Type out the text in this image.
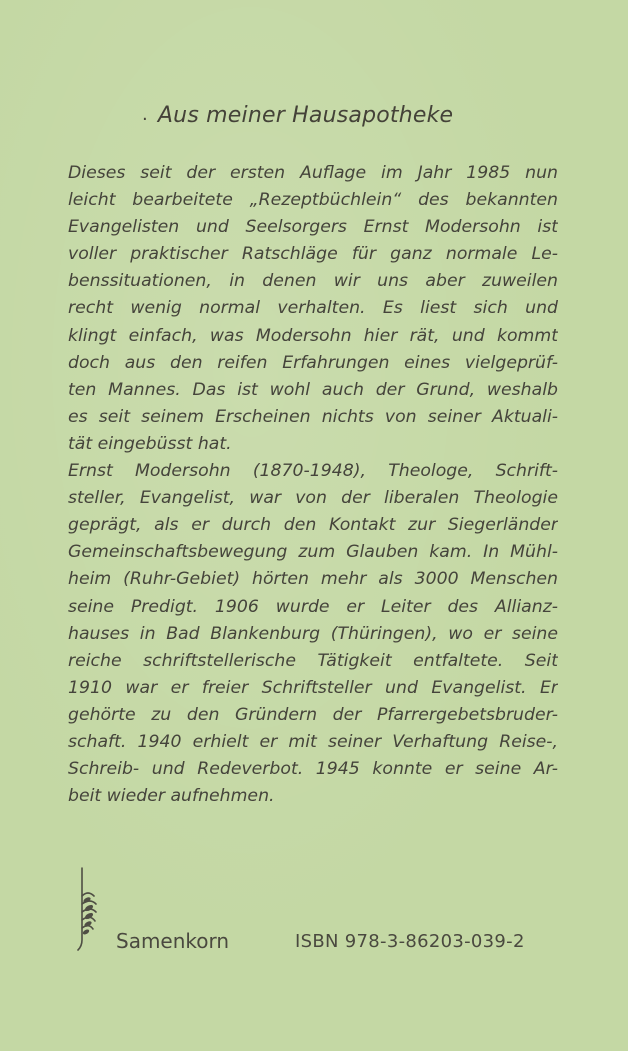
. Aus meiner Hausapotheke
Dieses seit der ersten Auflage im Jahr 1985 nun
leicht bearbeitete „Rezeptbüchlein“ des bekannten
Evangelisten und Seelsorgers Ernst Modersohn ist
voller praktischer Ratschläge für ganz normale Le-
benssituationen, in denen wir uns aber zuweilen
recht wenig normal verhalten. Es liest sich und
klingt einfach, was Modersohn hier rät, und kommt
doch aus den reifen Erfahrungen eines vielgeprüf-
ten Mannes. Das ist wohl auch der Grund, weshalb
es seit seinem Erscheinen nichts von seiner Aktuali-
tät eingebüsst hat.
Ernst Modersohn (1870-1948), Theologe, Schrift-
steller, Evangelist, war von der liberalen Theologie
geprägt, als er durch den Kontakt zur Siegerländer
Gemeinschaftsbewegung zum Glauben kam. In Mühl-
heim (Ruhr-Gebiet) hörten mehr als 3000 Menschen
seine Predigt. 1906 wurde er Leiter des Allianz-
hauses in Bad Blankenburg (Thüringen), wo er seine
reiche schriftstellerische Tätigkeit entfaltete. Seit
1910 war er freier Schriftsteller und Evangelist. Er
gehörte zu den Gründern der Pfarrergebetsbruder-
schaft. 1940 erhielt er mit seiner Verhaftung Reise-,
Schreib- und Redeverbot. 1945 konnte er seine Ar-
beit wieder aufnehmen.
Samenkorn	ISBN 978-3-86203-039-2
